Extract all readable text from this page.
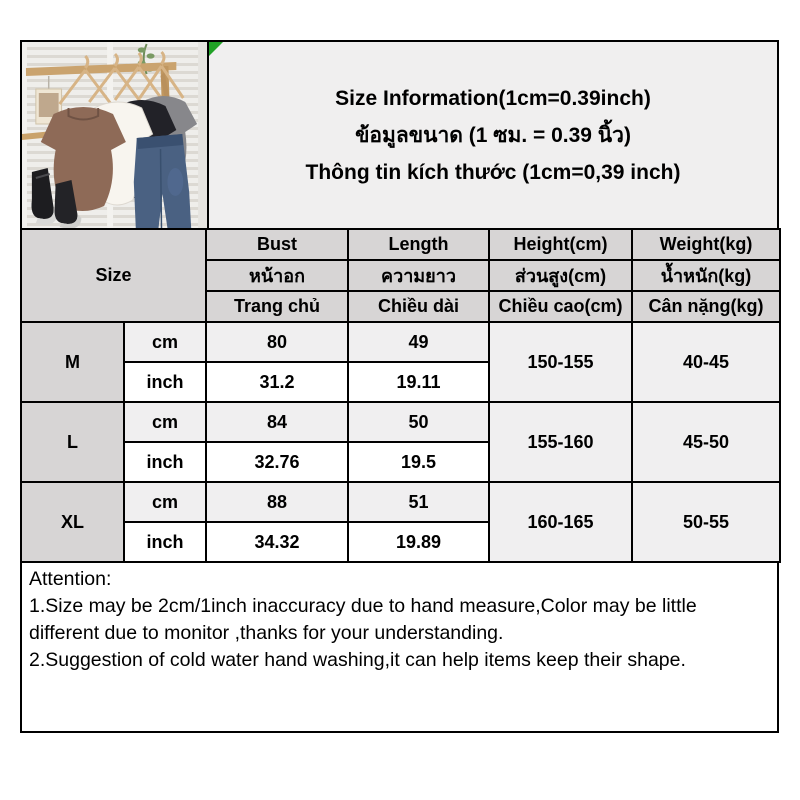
Size Information(1cm=0.39inch)
ข้อมูลขนาด (1 ซม. = 0.39 นิ้ว)
Thông tin kích thước (1cm=0,39 inch)
Size		Bust	Length	Height(cm)	Weight(kg)
		หน้าอก	ความยาว	ส่วนสูง(cm)	น้ำหนัก(kg)
		Trang chủ	Chiều dài	Chiều cao(cm)	Cân nặng(kg)
M	cm	80	49	150-155	40-45
	inch	31.2	19.11		
L	cm	84	50	155-160	45-50
	inch	32.76	19.5		
XL	cm	88	51	160-165	50-55
	inch	34.32	19.89		
Attention:
1.Size may be 2cm/1inch inaccuracy due to hand measure,Color may be little different due to monitor ,thanks for your understanding.
2.Suggestion of cold water hand washing,it can help items keep their shape.
